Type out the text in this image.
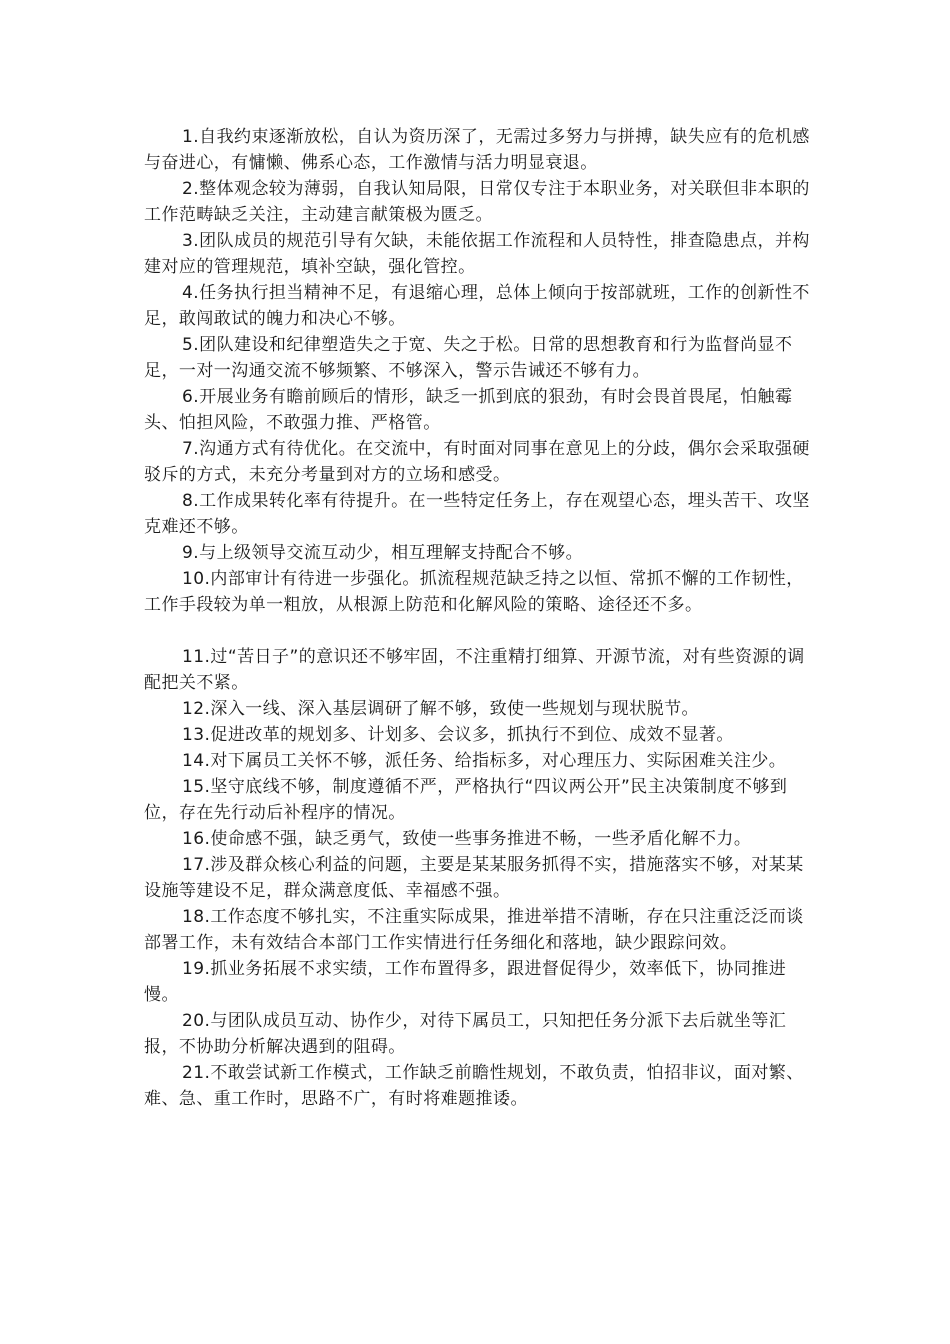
1.自我约束逐渐放松，自认为资历深了，无需过多努力与拼搏，缺失应有的危机感与奋进心，有慵懒、佛系心态，工作激情与活力明显衰退。

2.整体观念较为薄弱，自我认知局限，日常仅专注于本职业务，对关联但非本职的工作范畴缺乏关注，主动建言献策极为匮乏。

3.团队成员的规范引导有欠缺，未能依据工作流程和人员特性，排查隐患点，并构建对应的管理规范，填补空缺，强化管控。

4.任务执行担当精神不足，有退缩心理，总体上倾向于按部就班，工作的创新性不足，敢闯敢试的魄力和决心不够。

5.团队建设和纪律塑造失之于宽、失之于松。日常的思想教育和行为监督尚显不足，一对一沟通交流不够频繁、不够深入，警示告诫还不够有力。

6.开展业务有瞻前顾后的情形，缺乏一抓到底的狠劲，有时会畏首畏尾，怕触霉头、怕担风险，不敢强力推、严格管。

7.沟通方式有待优化。在交流中，有时面对同事在意见上的分歧，偶尔会采取强硬驳斥的方式，未充分考量到对方的立场和感受。

8.工作成果转化率有待提升。在一些特定任务上，存在观望心态，埋头苦干、攻坚克难还不够。

9.与上级领导交流互动少，相互理解支持配合不够。

10.内部审计有待进一步强化。抓流程规范缺乏持之以恒、常抓不懈的工作韧性，工作手段较为单一粗放，从根源上防范和化解风险的策略、途径还不多。

11.过“苦日子”的意识还不够牢固，不注重精打细算、开源节流，对有些资源的调配把关不紧。

12.深入一线、深入基层调研了解不够，致使一些规划与现状脱节。

13.促进改革的规划多、计划多、会议多，抓执行不到位、成效不显著。

14.对下属员工关怀不够，派任务、给指标多，对心理压力、实际困难关注少。

15.坚守底线不够，制度遵循不严，严格执行“四议两公开”民主决策制度不够到位，存在先行动后补程序的情况。

16.使命感不强，缺乏勇气，致使一些事务推进不畅，一些矛盾化解不力。

17.涉及群众核心利益的问题，主要是某某服务抓得不实，措施落实不够，对某某设施等建设不足，群众满意度低、幸福感不强。

18.工作态度不够扎实，不注重实际成果，推进举措不清晰，存在只注重泛泛而谈部署工作，未有效结合本部门工作实情进行任务细化和落地，缺少跟踪问效。

19.抓业务拓展不求实绩，工作布置得多，跟进督促得少，效率低下，协同推进慢。

20.与团队成员互动、协作少，对待下属员工，只知把任务分派下去后就坐等汇报，不协助分析解决遇到的阻碍。

21.不敢尝试新工作模式，工作缺乏前瞻性规划，不敢负责，怕招非议，面对繁、难、急、重工作时，思路不广，有时将难题推诿。
